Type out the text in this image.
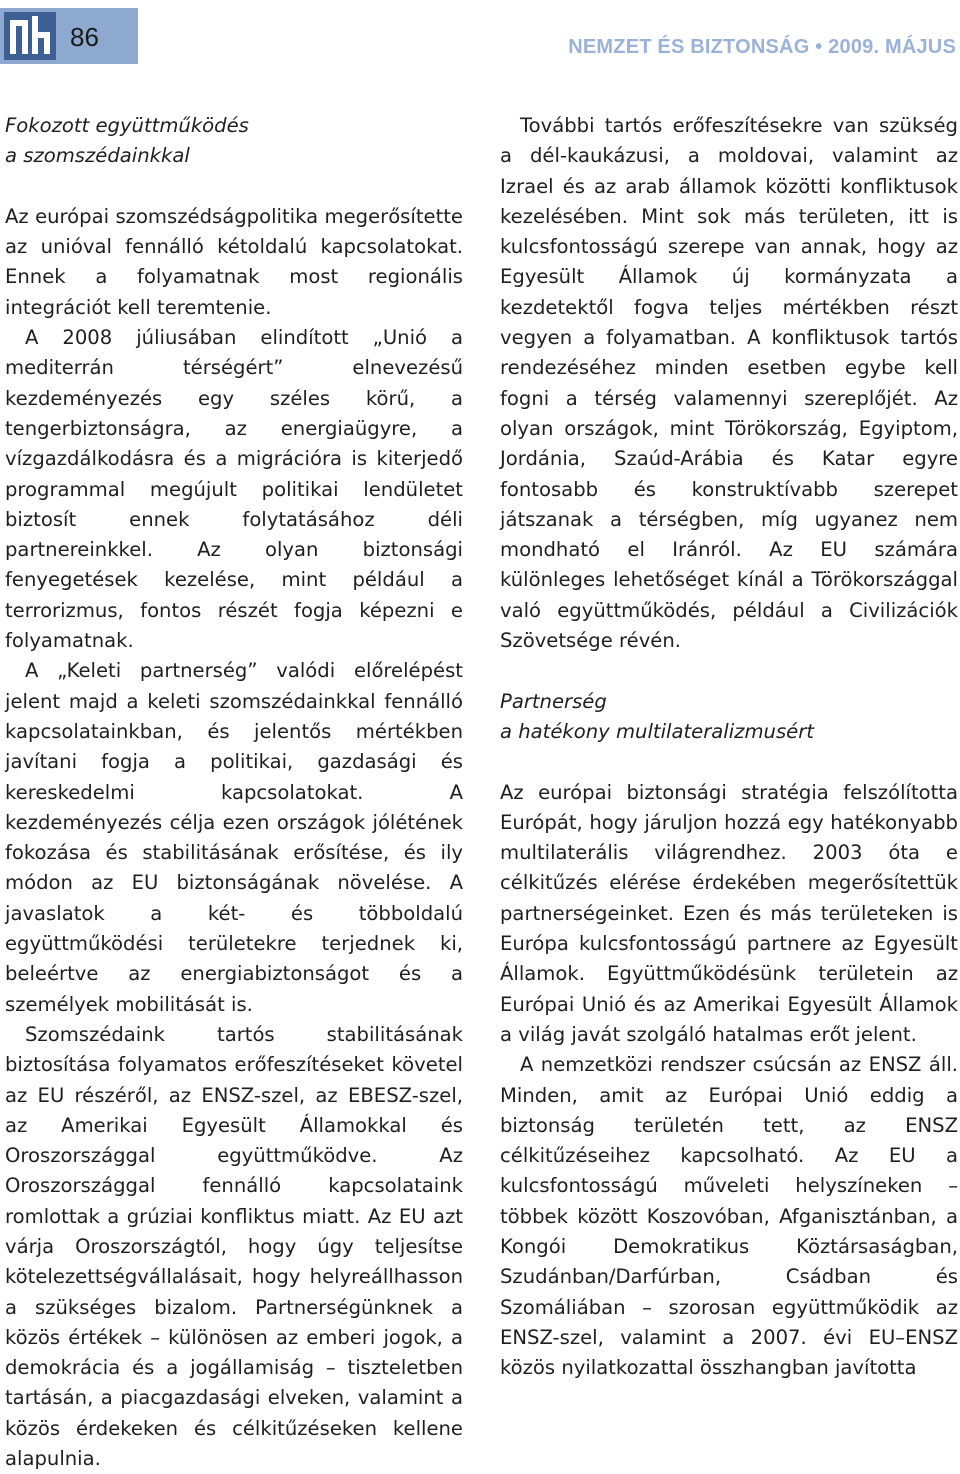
86	NEMZET ÉS BIZTONSÁG • 2009. MÁJUS
Fokozott együttműködés
a szomszédainkkal

Az európai szomszédságpolitika megerősítette az unióval fennálló kétoldalú kapcsolatokat. Ennek a folyamatnak most regionális integrációt kell teremtenie.

A 2008 júliusában elindított „Unió a mediterrán térségért” elnevezésű kezdeményezés egy széles körű, a tengerbiztonságra, az energiaügyre, a vízgazdálkodásra és a migrációra is kiterjedő programmal megújult politikai lendületet biztosít ennek folytatásához déli partnereinkkel. Az olyan biztonsági fenyegetések kezelése, mint például a terrorizmus, fontos részét fogja képezni e folyamatnak.

A „Keleti partnerség” valódi előrelépést jelent majd a keleti szomszédainkkal fennálló kapcsolatainkban, és jelentős mértékben javítani fogja a politikai, gazdasági és kereskedelmi kapcsolatokat. A kezdeményezés célja ezen országok jólétének fokozása és stabilitásának erősítése, és ily módon az EU biztonságának növelése. A javaslatok a két- és többoldalú együttműködési területekre terjednek ki, beleértve az energiabiztonságot és a személyek mobilitását is.

Szomszédaink tartós stabilitásának biztosítása folyamatos erőfeszítéseket követel az EU részéről, az ENSZ-szel, az EBESZ-szel, az Amerikai Egyesült Államokkal és Oroszországgal együttműködve. Az Oroszországgal fennálló kapcsolataink romlottak a grúziai konfliktus miatt. Az EU azt várja Oroszországtól, hogy úgy teljesítse kötelezettségvállalásait, hogy helyreállhasson a szükséges bizalom. Partnerségünknek a közös értékek – különösen az emberi jogok, a demokrácia és a jogállamiság – tiszteletben tartásán, a piacgazdasági elveken, valamint a közös érdekeken és célkitűzéseken kellene alapulnia.

További tartós erőfeszítésekre van szükség a dél-kaukázusi, a moldovai, valamint az Izrael és az arab államok közötti konfliktusok kezelésében. Mint sok más területen, itt is kulcsfontosságú szerepe van annak, hogy az Egyesült Államok új kormányzata a kezdetektől fogva teljes mértékben részt vegyen a folyamatban. A konfliktusok tartós rendezéséhez minden esetben egybe kell fogni a térség valamennyi szereplőjét. Az olyan országok, mint Törökország, Egyiptom, Jordánia, Szaúd-Arábia és Katar egyre fontosabb és konstruktívabb szerepet játszanak a térségben, míg ugyanez nem mondható el Iránról. Az EU számára különleges lehetőséget kínál a Törökországgal való együttműködés, például a Civilizációk Szövetsége révén.

Partnerség
a hatékony multilateralizmusért

Az európai biztonsági stratégia felszólította Európát, hogy járuljon hozzá egy hatékonyabb multilaterális világrendhez. 2003 óta e célkitűzés elérése érdekében megerősítettük partnerségeinket. Ezen és más területeken is Európa kulcsfontosságú partnere az Egyesült Államok. Együttműködésünk területein az Európai Unió és az Amerikai Egyesült Államok a világ javát szolgáló hatalmas erőt jelent.

A nemzetközi rendszer csúcsán az ENSZ áll. Minden, amit az Európai Unió eddig a biztonság területén tett, az ENSZ célkitűzéseihez kapcsolható. Az EU a kulcsfontosságú műveleti helyszíneken – többek között Koszovóban, Afganisztánban, a Kongói Demokratikus Köztársaságban, Szudánban/Darfúrban, Csádban és Szomáliában – szorosan együttműködik az ENSZ-szel, valamint a 2007. évi EU–ENSZ közös nyilatkozattal összhangban javította
